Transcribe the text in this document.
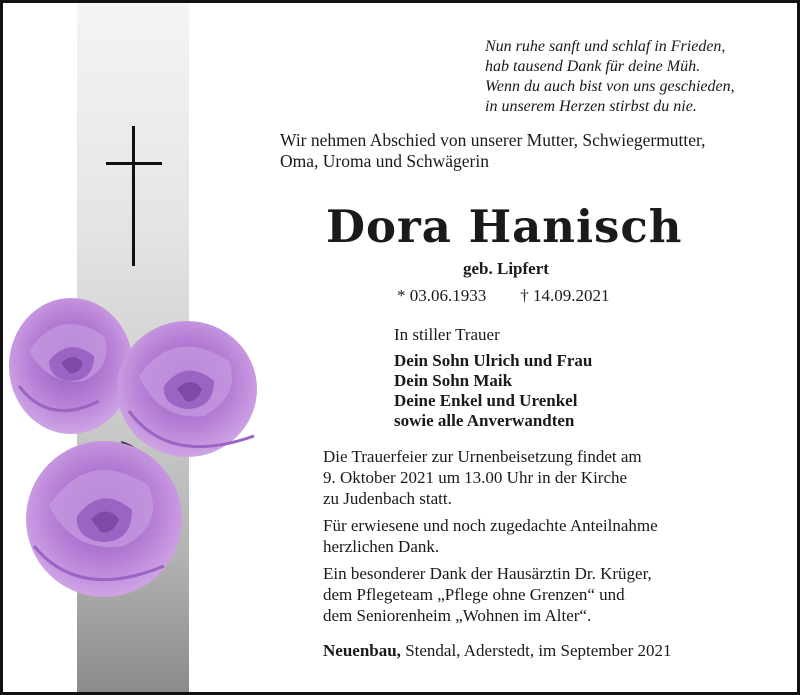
Nun ruhe sanft und schlaf in Frieden,
hab tausend Dank für deine Müh.
Wenn du auch bist von uns geschieden,
in unserem Herzen stirbst du nie.
Wir nehmen Abschied von unserer Mutter, Schwiegermutter,
Oma, Uroma und Schwägerin
Dora Hanisch
geb. Lipfert
* 03.06.1933 † 14.09.2021
In stiller Trauer
Dein Sohn Ulrich und Frau
Dein Sohn Maik
Deine Enkel und Urenkel
sowie alle Anverwandten
Die Trauerfeier zur Urnenbeisetzung findet am
9. Oktober 2021 um 13.00 Uhr in der Kirche
zu Judenbach statt.
Für erwiesene und noch zugedachte Anteilnahme
herzlichen Dank.
Ein besonderer Dank der Hausärztin Dr. Krüger,
dem Pflegeteam „Pflege ohne Grenzen“ und
dem Seniorenheim „Wohnen im Alter“.
Neuenbau, Stendal, Aderstedt, im September 2021
